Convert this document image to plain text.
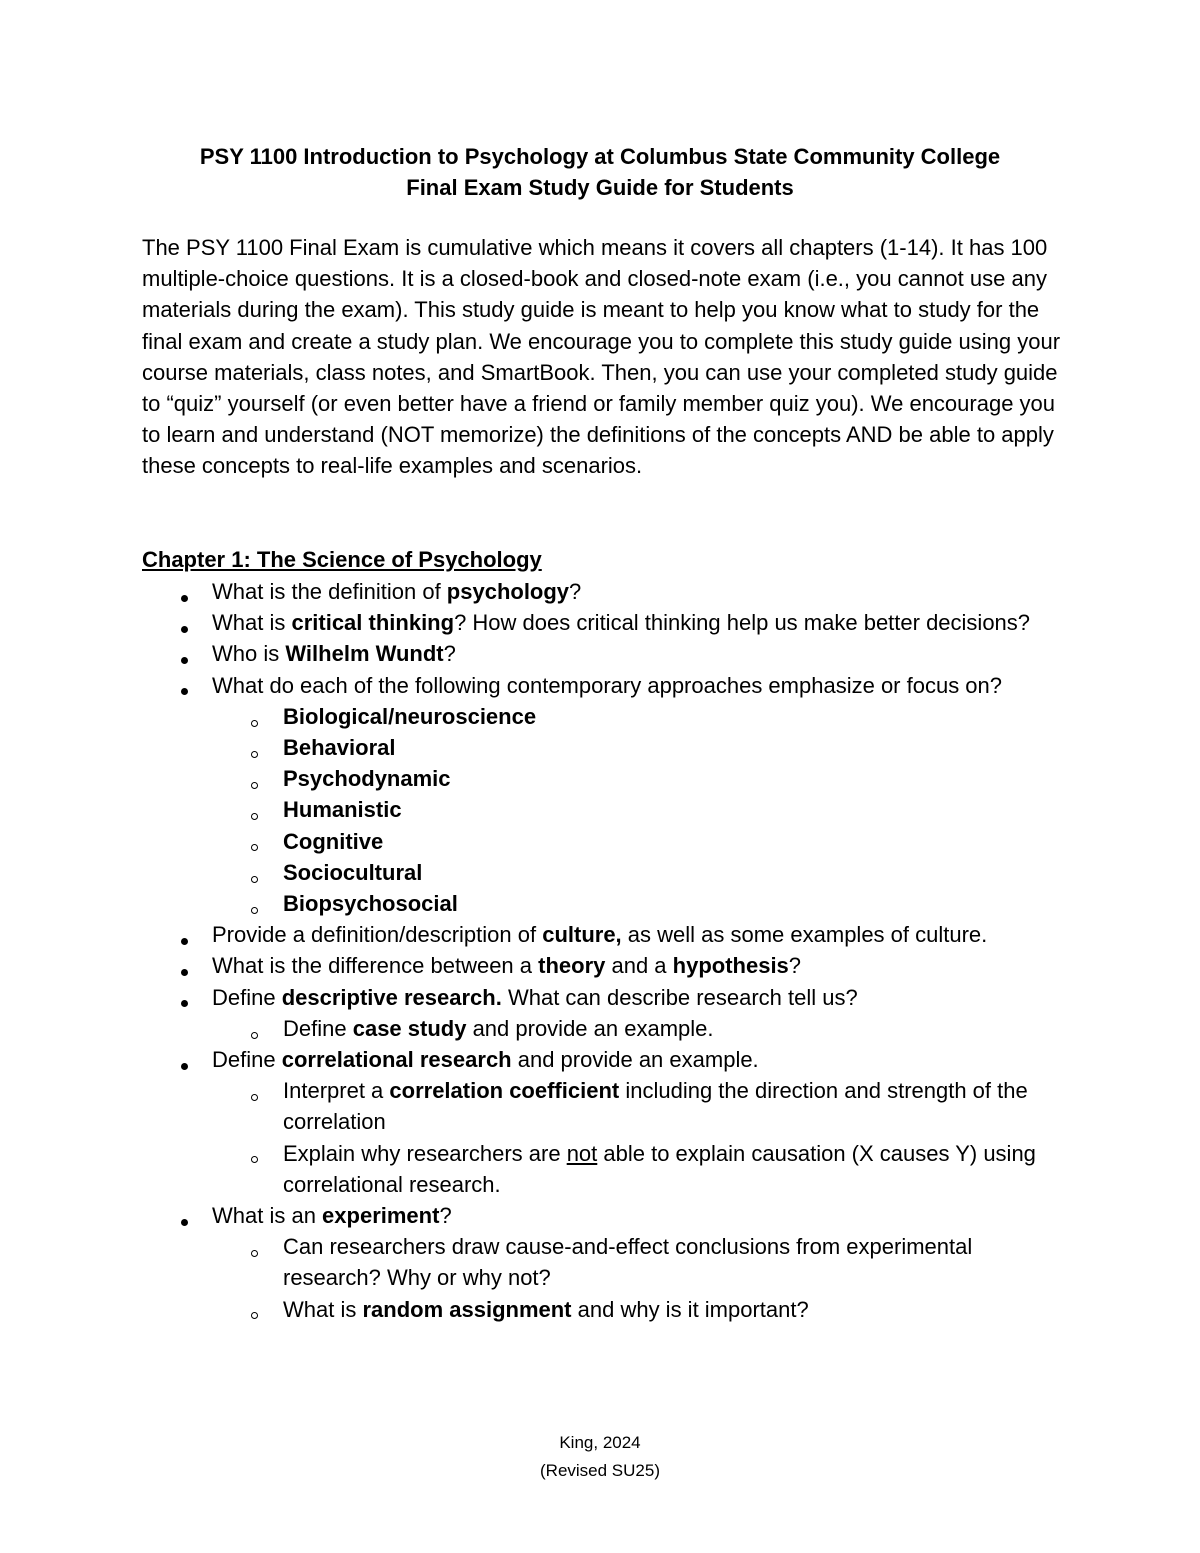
PSY 1100 Introduction to Psychology at Columbus State Community College
Final Exam Study Guide for Students

The PSY 1100 Final Exam is cumulative which means it covers all chapters (1-14). It has 100 multiple-choice questions. It is a closed-book and closed-note exam (i.e., you cannot use any materials during the exam). This study guide is meant to help you know what to study for the final exam and create a study plan. We encourage you to complete this study guide using your course materials, class notes, and SmartBook. Then, you can use your completed study guide to “quiz” yourself (or even better have a friend or family member quiz you). We encourage you to learn and understand (NOT memorize) the definitions of the concepts AND be able to apply these concepts to real-life examples and scenarios.

Chapter 1: The Science of Psychology
What is the definition of psychology?
What is critical thinking? How does critical thinking help us make better decisions?
Who is Wilhelm Wundt?
What do each of the following contemporary approaches emphasize or focus on?
Biological/neuroscience
Behavioral
Psychodynamic
Humanistic
Cognitive
Sociocultural
Biopsychosocial
Provide a definition/description of culture, as well as some examples of culture.
What is the difference between a theory and a hypothesis?
Define descriptive research. What can describe research tell us?
Define case study and provide an example.
Define correlational research and provide an example.
Interpret a correlation coefficient including the direction and strength of the correlation
Explain why researchers are not able to explain causation (X causes Y) using correlational research.
What is an experiment?
Can researchers draw cause-and-effect conclusions from experimental research? Why or why not?
What is random assignment and why is it important?
King, 2024
(Revised SU25)
